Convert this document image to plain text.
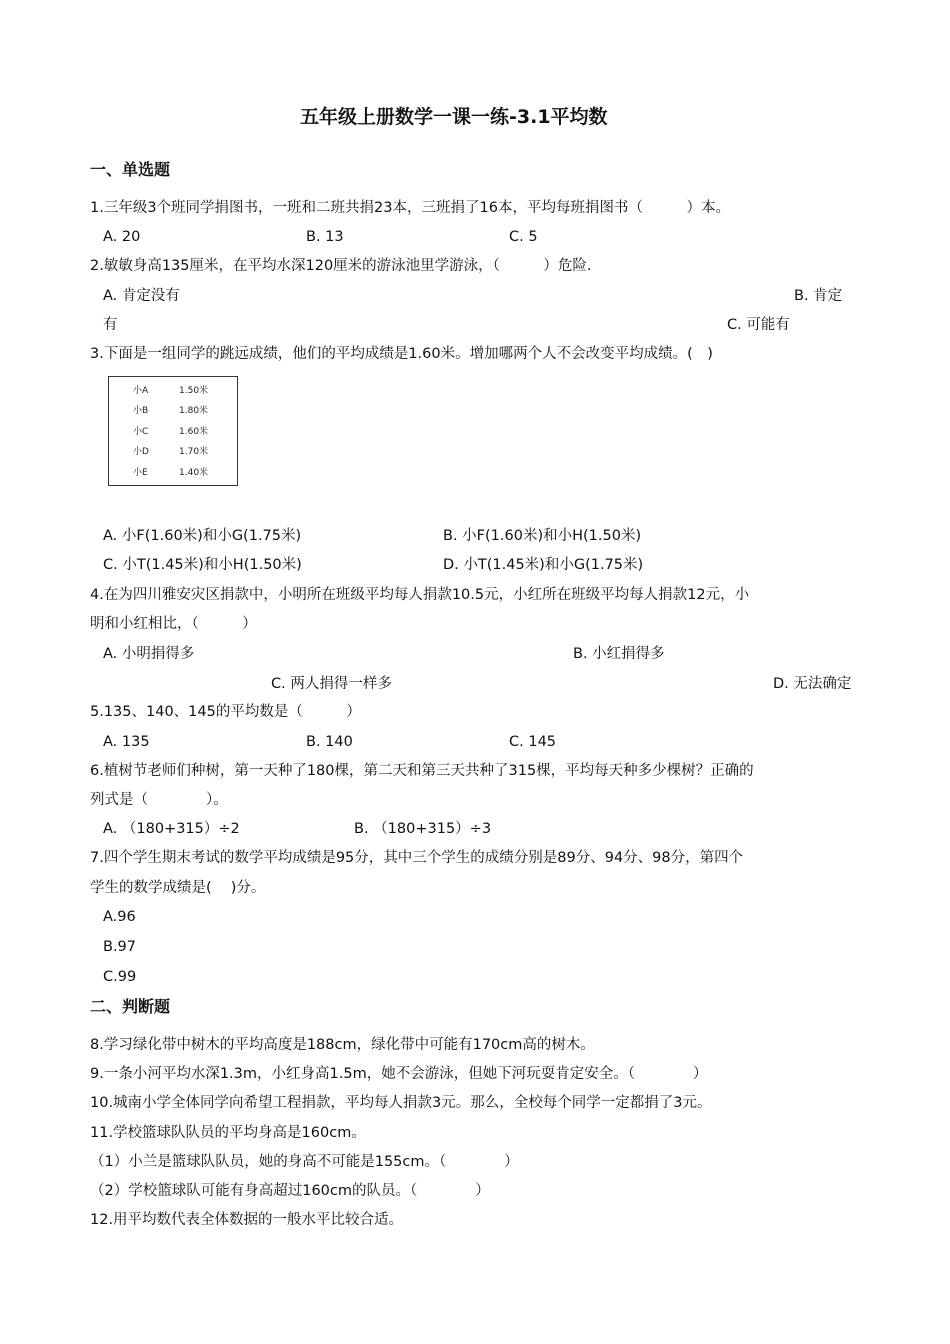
五年级上册数学一课一练-3.1平均数
一、单选题
1.三年级3个班同学捐图书，一班和二班共捐23本，三班捐了16本，平均每班捐图书（　　　）本。
A. 20	B. 13	C. 5
2.敏敏身高135厘米，在平均水深120厘米的游泳池里学游泳，（　　　）危险.
A. 肯定没有	B. 肯定
有	C. 可能有
3.下面是一组同学的跳远成绩，他们的平均成绩是1.60米。增加哪两个人不会改变平均成绩。(　)
小A	1.50米
小B	1.80米
小C	1.60米
小D	1.70米
小E	1.40米
A. 小F(1.60米)和小G(1.75米)	B. 小F(1.60米)和小H(1.50米)
C. 小T(1.45米)和小H(1.50米)	D. 小T(1.45米)和小G(1.75米)
4.在为四川雅安灾区捐款中，小明所在班级平均每人捐款10.5元，小红所在班级平均每人捐款12元，小
明和小红相比，（　　　）
A. 小明捐得多	B. 小红捐得多
C. 两人捐得一样多	D. 无法确定
5.135、140、145的平均数是（　　　）
A. 135	B. 140	C. 145
6.植树节老师们种树，第一天种了180棵，第二天和第三天共种了315棵，平均每天种多少棵树？正确的
列式是（　　　　）。
A. （180+315）÷2	B. （180+315）÷3
7.四个学生期末考试的数学平均成绩是95分，其中三个学生的成绩分别是89分、94分、98分，第四个
学生的数学成绩是(　 )分。
A.96
B.97
C.99
二、判断题
8.学习绿化带中树木的平均高度是188cm，绿化带中可能有170cm高的树木。
9.一条小河平均水深1.3m，小红身高1.5m，她不会游泳，但她下河玩耍肯定安全。（　　　　）
10.城南小学全体同学向希望工程捐款，平均每人捐款3元。那么，全校每个同学一定都捐了3元。
11.学校篮球队队员的平均身高是160cm。
（1）小兰是篮球队队员，她的身高不可能是155cm。（　　　　）
（2）学校篮球队可能有身高超过160cm的队员。（　　　　）
12.用平均数代表全体数据的一般水平比较合适。
